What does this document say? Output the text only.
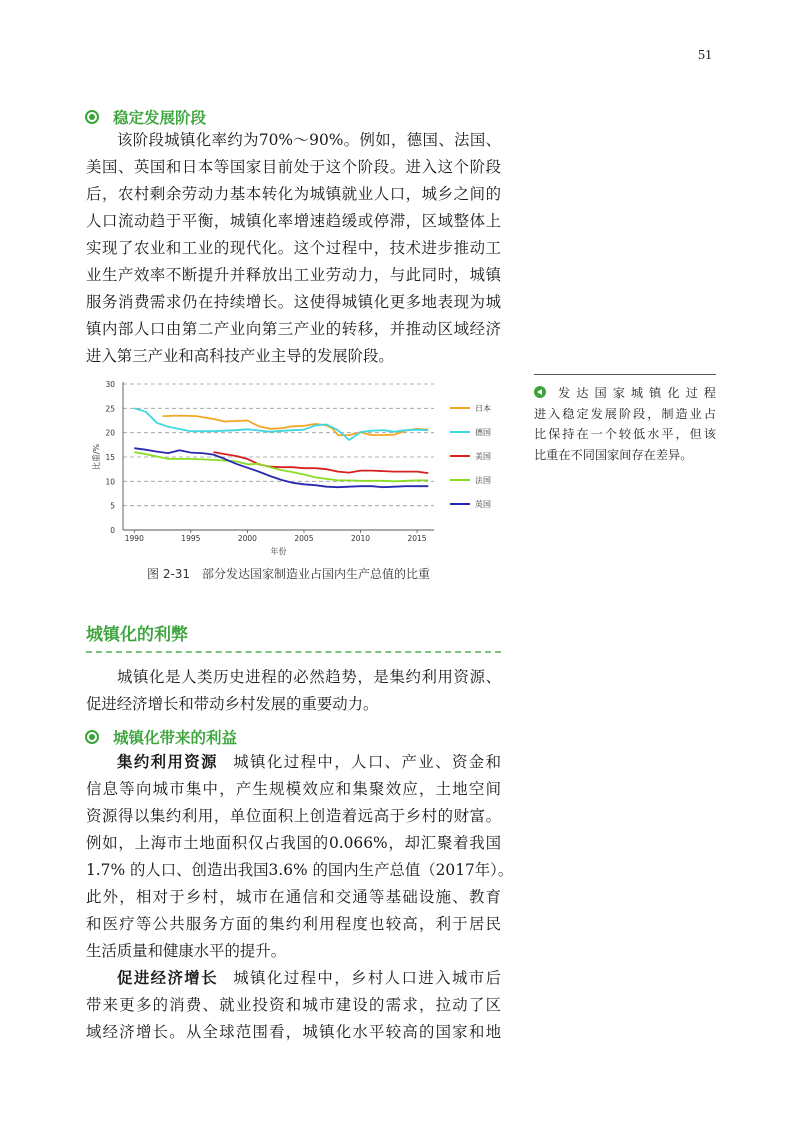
51
稳定发展阶段

该阶段城镇化率约为70%～90%。例如，德国、法国、
美国、英国和日本等国家目前处于这个阶段。进入这个阶段
后，农村剩余劳动力基本转化为城镇就业人口，城乡之间的
人口流动趋于平衡，城镇化率增速趋缓或停滞，区域整体上
实现了农业和工业的现代化。这个过程中，技术进步推动工
业生产效率不断提升并释放出工业劳动力，与此同时，城镇
服务消费需求仍在持续增长。这使得城镇化更多地表现为城
镇内部人口由第二产业向第三产业的转移，并推动区域经济
进入第三产业和高科技产业主导的发展阶段。

0
5
10
15
20
25
30
1990	1995	2000	2005	2010	2015
年份
比重/%
日本
德国
美国
法国
英国
图 2-31　部分发达国家制造业占国内生产总值的比重
发达国家城镇化过程
进入稳定发展阶段，制造业占
比保持在一个较低水平，但该
比重在不同国家间存在差异。
城镇化的利弊

城镇化是人类历史进程的必然趋势，是集约利用资源、
促进经济增长和带动乡村发展的重要动力。

城镇化带来的利益

集约利用资源 城镇化过程中，人口、产业、资金和
信息等向城市集中，产生规模效应和集聚效应，土地空间
资源得以集约利用，单位面积上创造着远高于乡村的财富。
例如，上海市土地面积仅占我国的0.066%，却汇聚着我国
1.7% 的人口、创造出我国3.6% 的国内生产总值（2017年）。
此外，相对于乡村，城市在通信和交通等基础设施、教育
和医疗等公共服务方面的集约利用程度也较高，利于居民
生活质量和健康水平的提升。
促进经济增长 城镇化过程中，乡村人口进入城市后
带来更多的消费、就业投资和城市建设的需求，拉动了区
域经济增长。从全球范围看，城镇化水平较高的国家和地
